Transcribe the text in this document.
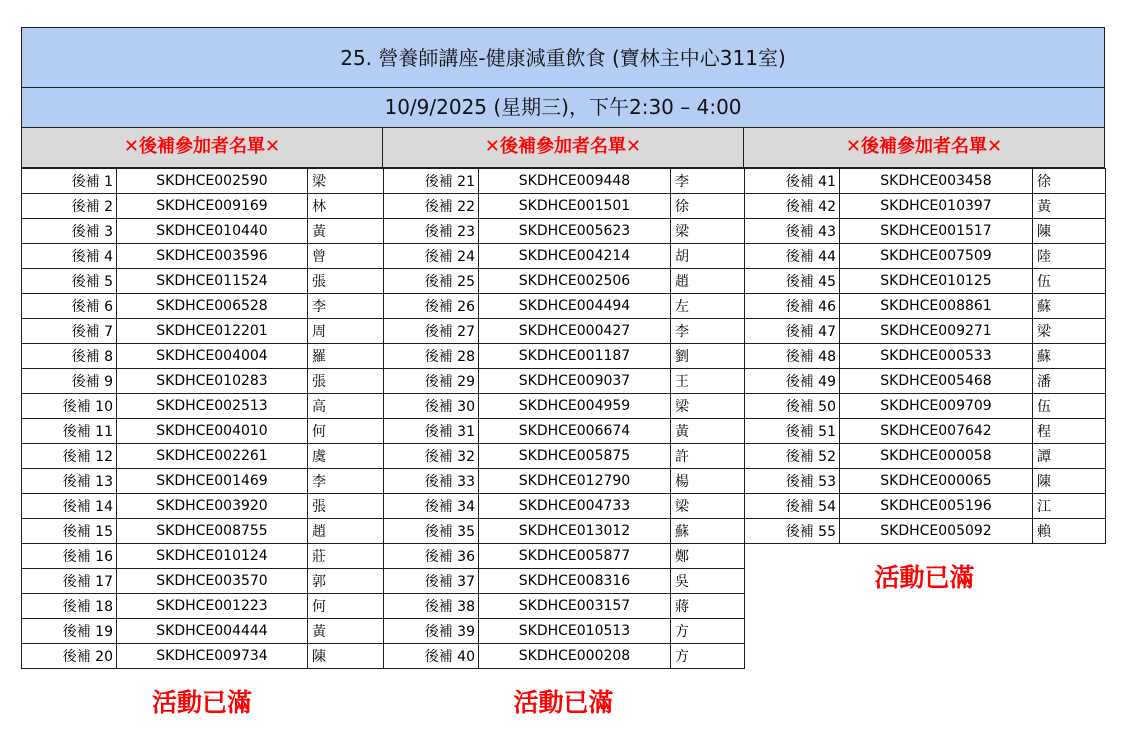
25. 營養師講座-健康減重飲食 (寶林主中心311室)
10/9/2025 (星期三)，下午2:30 – 4:00
✕後補參加者名單✕	✕後補參加者名單✕	✕後補參加者名單✕
後補 1	SKDHCE002590	梁
後補 2	SKDHCE009169	林
後補 3	SKDHCE010440	黃
後補 4	SKDHCE003596	曾
後補 5	SKDHCE011524	張
後補 6	SKDHCE006528	李
後補 7	SKDHCE012201	周
後補 8	SKDHCE004004	羅
後補 9	SKDHCE010283	張
後補 10	SKDHCE002513	高
後補 11	SKDHCE004010	何
後補 12	SKDHCE002261	虞
後補 13	SKDHCE001469	李
後補 14	SKDHCE003920	張
後補 15	SKDHCE008755	趙
後補 16	SKDHCE010124	莊
後補 17	SKDHCE003570	郭
後補 18	SKDHCE001223	何
後補 19	SKDHCE004444	黃
後補 20	SKDHCE009734	陳
活動已滿
後補 21	SKDHCE009448	李
後補 22	SKDHCE001501	徐
後補 23	SKDHCE005623	梁
後補 24	SKDHCE004214	胡
後補 25	SKDHCE002506	趙
後補 26	SKDHCE004494	左
後補 27	SKDHCE000427	李
後補 28	SKDHCE001187	劉
後補 29	SKDHCE009037	王
後補 30	SKDHCE004959	梁
後補 31	SKDHCE006674	黃
後補 32	SKDHCE005875	許
後補 33	SKDHCE012790	楊
後補 34	SKDHCE004733	梁
後補 35	SKDHCE013012	蘇
後補 36	SKDHCE005877	鄭
後補 37	SKDHCE008316	吳
後補 38	SKDHCE003157	蔣
後補 39	SKDHCE010513	方
後補 40	SKDHCE000208	方
活動已滿
後補 41	SKDHCE003458	徐
後補 42	SKDHCE010397	黃
後補 43	SKDHCE001517	陳
後補 44	SKDHCE007509	陸
後補 45	SKDHCE010125	伍
後補 46	SKDHCE008861	蘇
後補 47	SKDHCE009271	梁
後補 48	SKDHCE000533	蘇
後補 49	SKDHCE005468	潘
後補 50	SKDHCE009709	伍
後補 51	SKDHCE007642	程
後補 52	SKDHCE000058	譚
後補 53	SKDHCE000065	陳
後補 54	SKDHCE005196	江
後補 55	SKDHCE005092	賴
活動已滿
